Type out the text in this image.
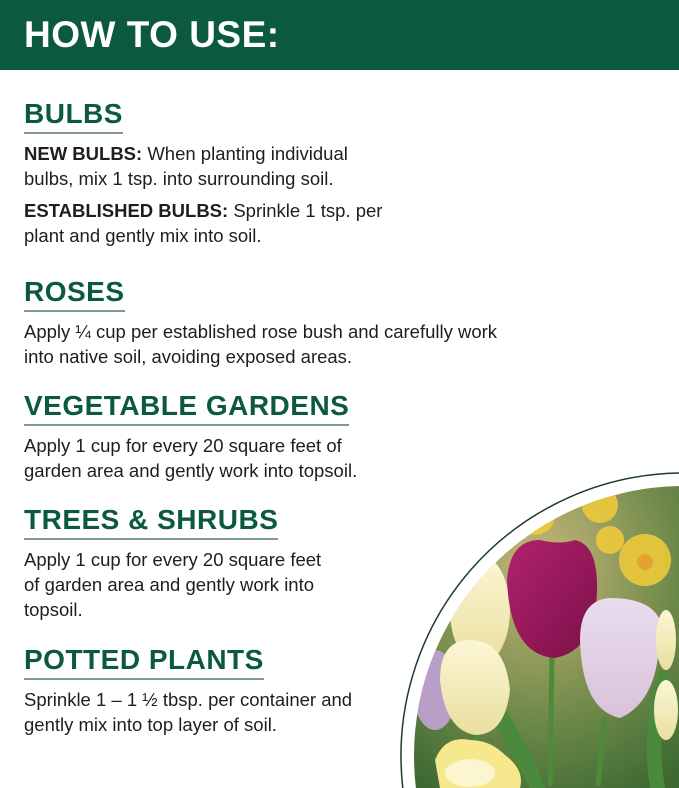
HOW TO USE:
BULBS

NEW BULBS: When planting individual bulbs, mix 1 tsp. into surrounding soil.

ESTABLISHED BULBS: Sprinkle 1 tsp. per plant and gently mix into soil.

ROSES

Apply ¼ cup per established rose bush and carefully work into native soil, avoiding exposed areas.

VEGETABLE GARDENS

Apply 1 cup for every 20 square feet of garden area and gently work into topsoil.

TREES & SHRUBS

Apply 1 cup for every 20 square feet of garden area and gently work into topsoil.

POTTED PLANTS

Sprinkle 1 – 1 ½ tbsp. per container and gently mix into top layer of soil.
